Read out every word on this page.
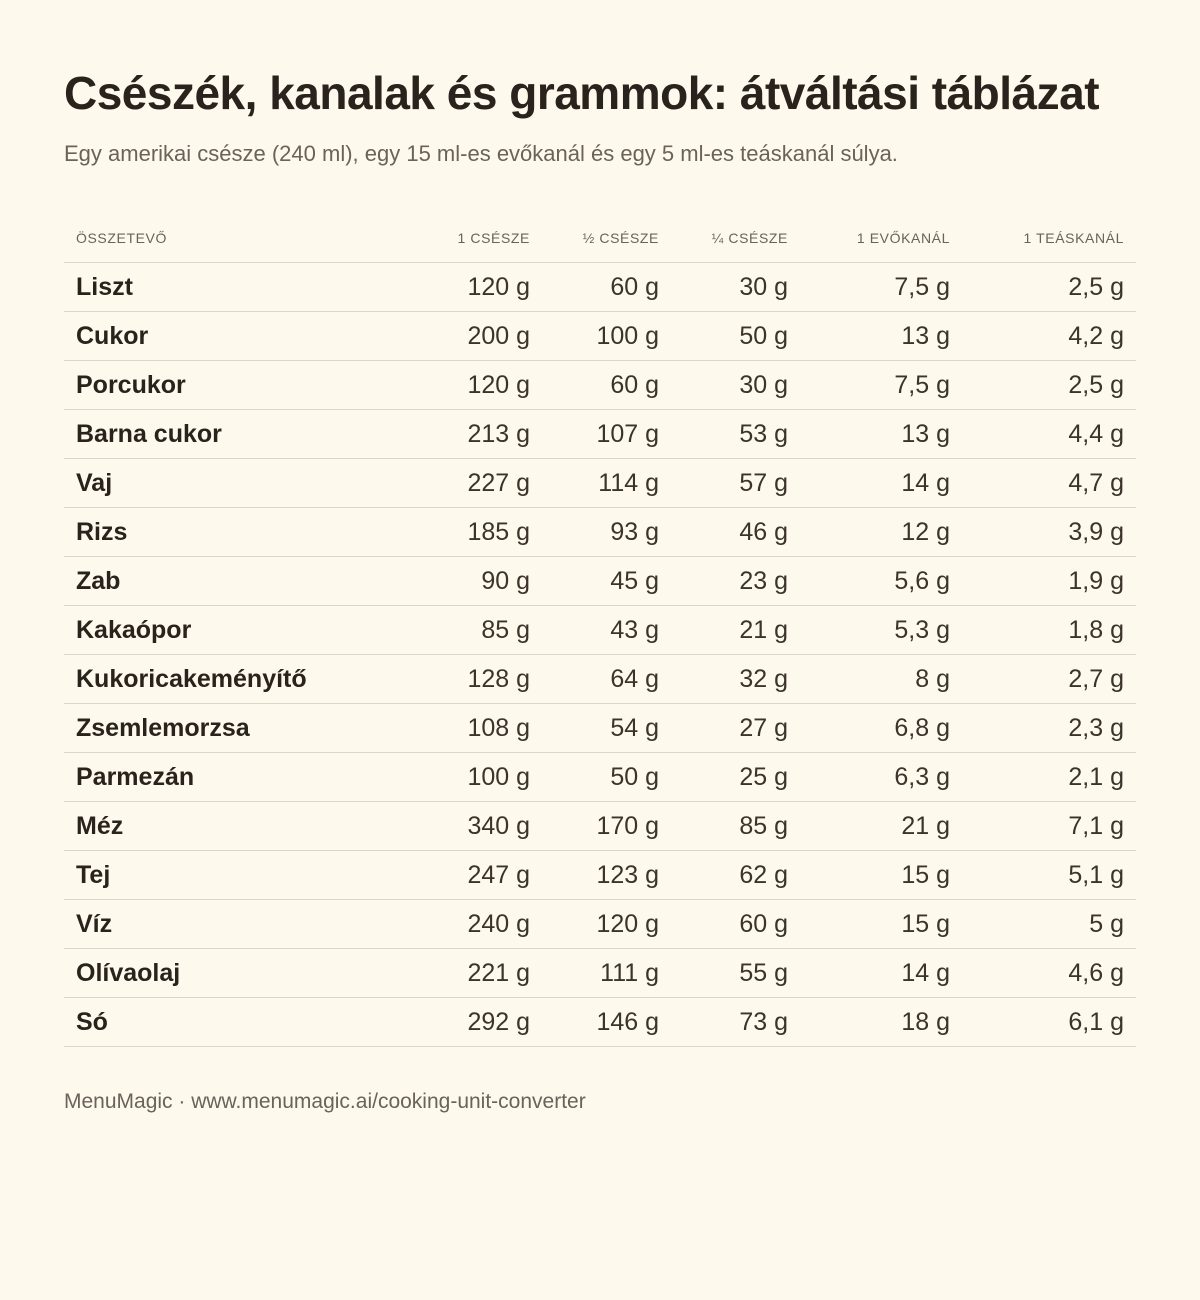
Csészék, kanalak és grammok: átváltási táblázat
Egy amerikai csésze (240 ml), egy 15 ml-es evőkanál és egy 5 ml-es teáskanál súlya.
ÖSSZETEVŐ	1 CSÉSZE	½ CSÉSZE	¼ CSÉSZE	1 EVŐKANÁL	1 TEÁSKANÁL
Liszt	120 g	60 g	30 g	7,5 g	2,5 g
Cukor	200 g	100 g	50 g	13 g	4,2 g
Porcukor	120 g	60 g	30 g	7,5 g	2,5 g
Barna cukor	213 g	107 g	53 g	13 g	4,4 g
Vaj	227 g	114 g	57 g	14 g	4,7 g
Rizs	185 g	93 g	46 g	12 g	3,9 g
Zab	90 g	45 g	23 g	5,6 g	1,9 g
Kakaópor	85 g	43 g	21 g	5,3 g	1,8 g
Kukoricakeményítő	128 g	64 g	32 g	8 g	2,7 g
Zsemlemorzsa	108 g	54 g	27 g	6,8 g	2,3 g
Parmezán	100 g	50 g	25 g	6,3 g	2,1 g
Méz	340 g	170 g	85 g	21 g	7,1 g
Tej	247 g	123 g	62 g	15 g	5,1 g
Víz	240 g	120 g	60 g	15 g	5 g
Olívaolaj	221 g	111 g	55 g	14 g	4,6 g
Só	292 g	146 g	73 g	18 g	6,1 g
MenuMagic · www.menumagic.ai/cooking-unit-converter
